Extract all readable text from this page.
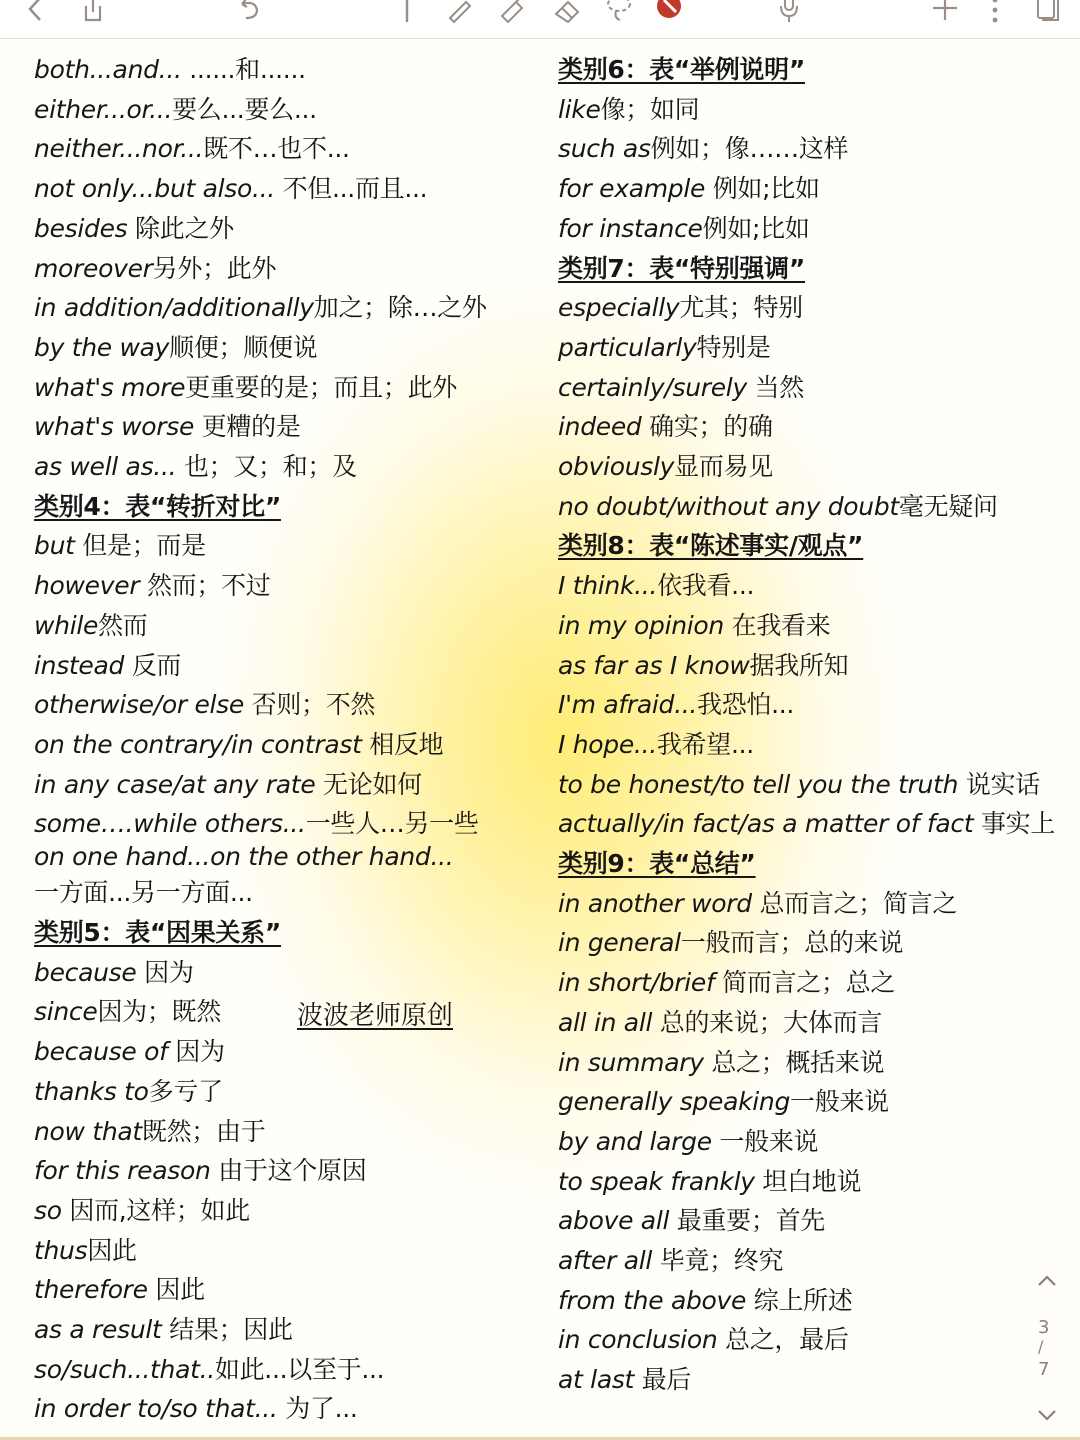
both...and... ......和......
either...or...要么...要么...
neither...nor...既不…也不...
not only...but also... 不但...而且...
besides 除此之外
moreover另外；此外
in addition/additionally加之；除…之外
by the way顺便；顺便说
what's more更重要的是；而且；此外
what's worse 更糟的是
as well as... 也；又；和；及
类别4：表“转折对比”
but 但是；而是
however 然而；不过
while然而
instead 反而
otherwise/or else 否则；不然
on the contrary/in contrast 相反地
in any case/at any rate 无论如何
some….while others...一些人…另一些
on one hand...on the other hand...
一方面...另一方面...
类别5：表“因果关系”
because 因为
since因为；既然
because of 因为
thanks to多亏了
now that既然；由于
for this reason 由于这个原因
so 因而,这样；如此
thus因此
therefore 因此
as a result 结果；因此
so/such...that..如此...以至于...
in order to/so that... 为了...
类别6：表“举例说明”
like像；如同
such as例如；像……这样
for example 例如;比如
for instance例如;比如
类别7：表“特别强调”
especially尤其；特别
particularly特别是
certainly/surely 当然
indeed 确实；的确
obviously显而易见
no doubt/without any doubt毫无疑问
类别8：表“陈述事实/观点”
I think...依我看...
in my opinion 在我看来
as far as I know据我所知
I'm afraid...我恐怕...
I hope...我希望...
to be honest/to tell you the truth 说实话
actually/in fact/as a matter of fact 事实上
类别9：表“总结”
in another word 总而言之；简言之
in general一般而言；总的来说
in short/brief 简而言之；总之
all in all 总的来说；大体而言
in summary 总之；概括来说
generally speaking一般来说
by and large 一般来说
to speak frankly 坦白地说
above all 最重要；首先
after all 毕竟；终究
from the above 综上所述
in conclusion 总之，最后
at last 最后
波波老师原创
3
/
7
